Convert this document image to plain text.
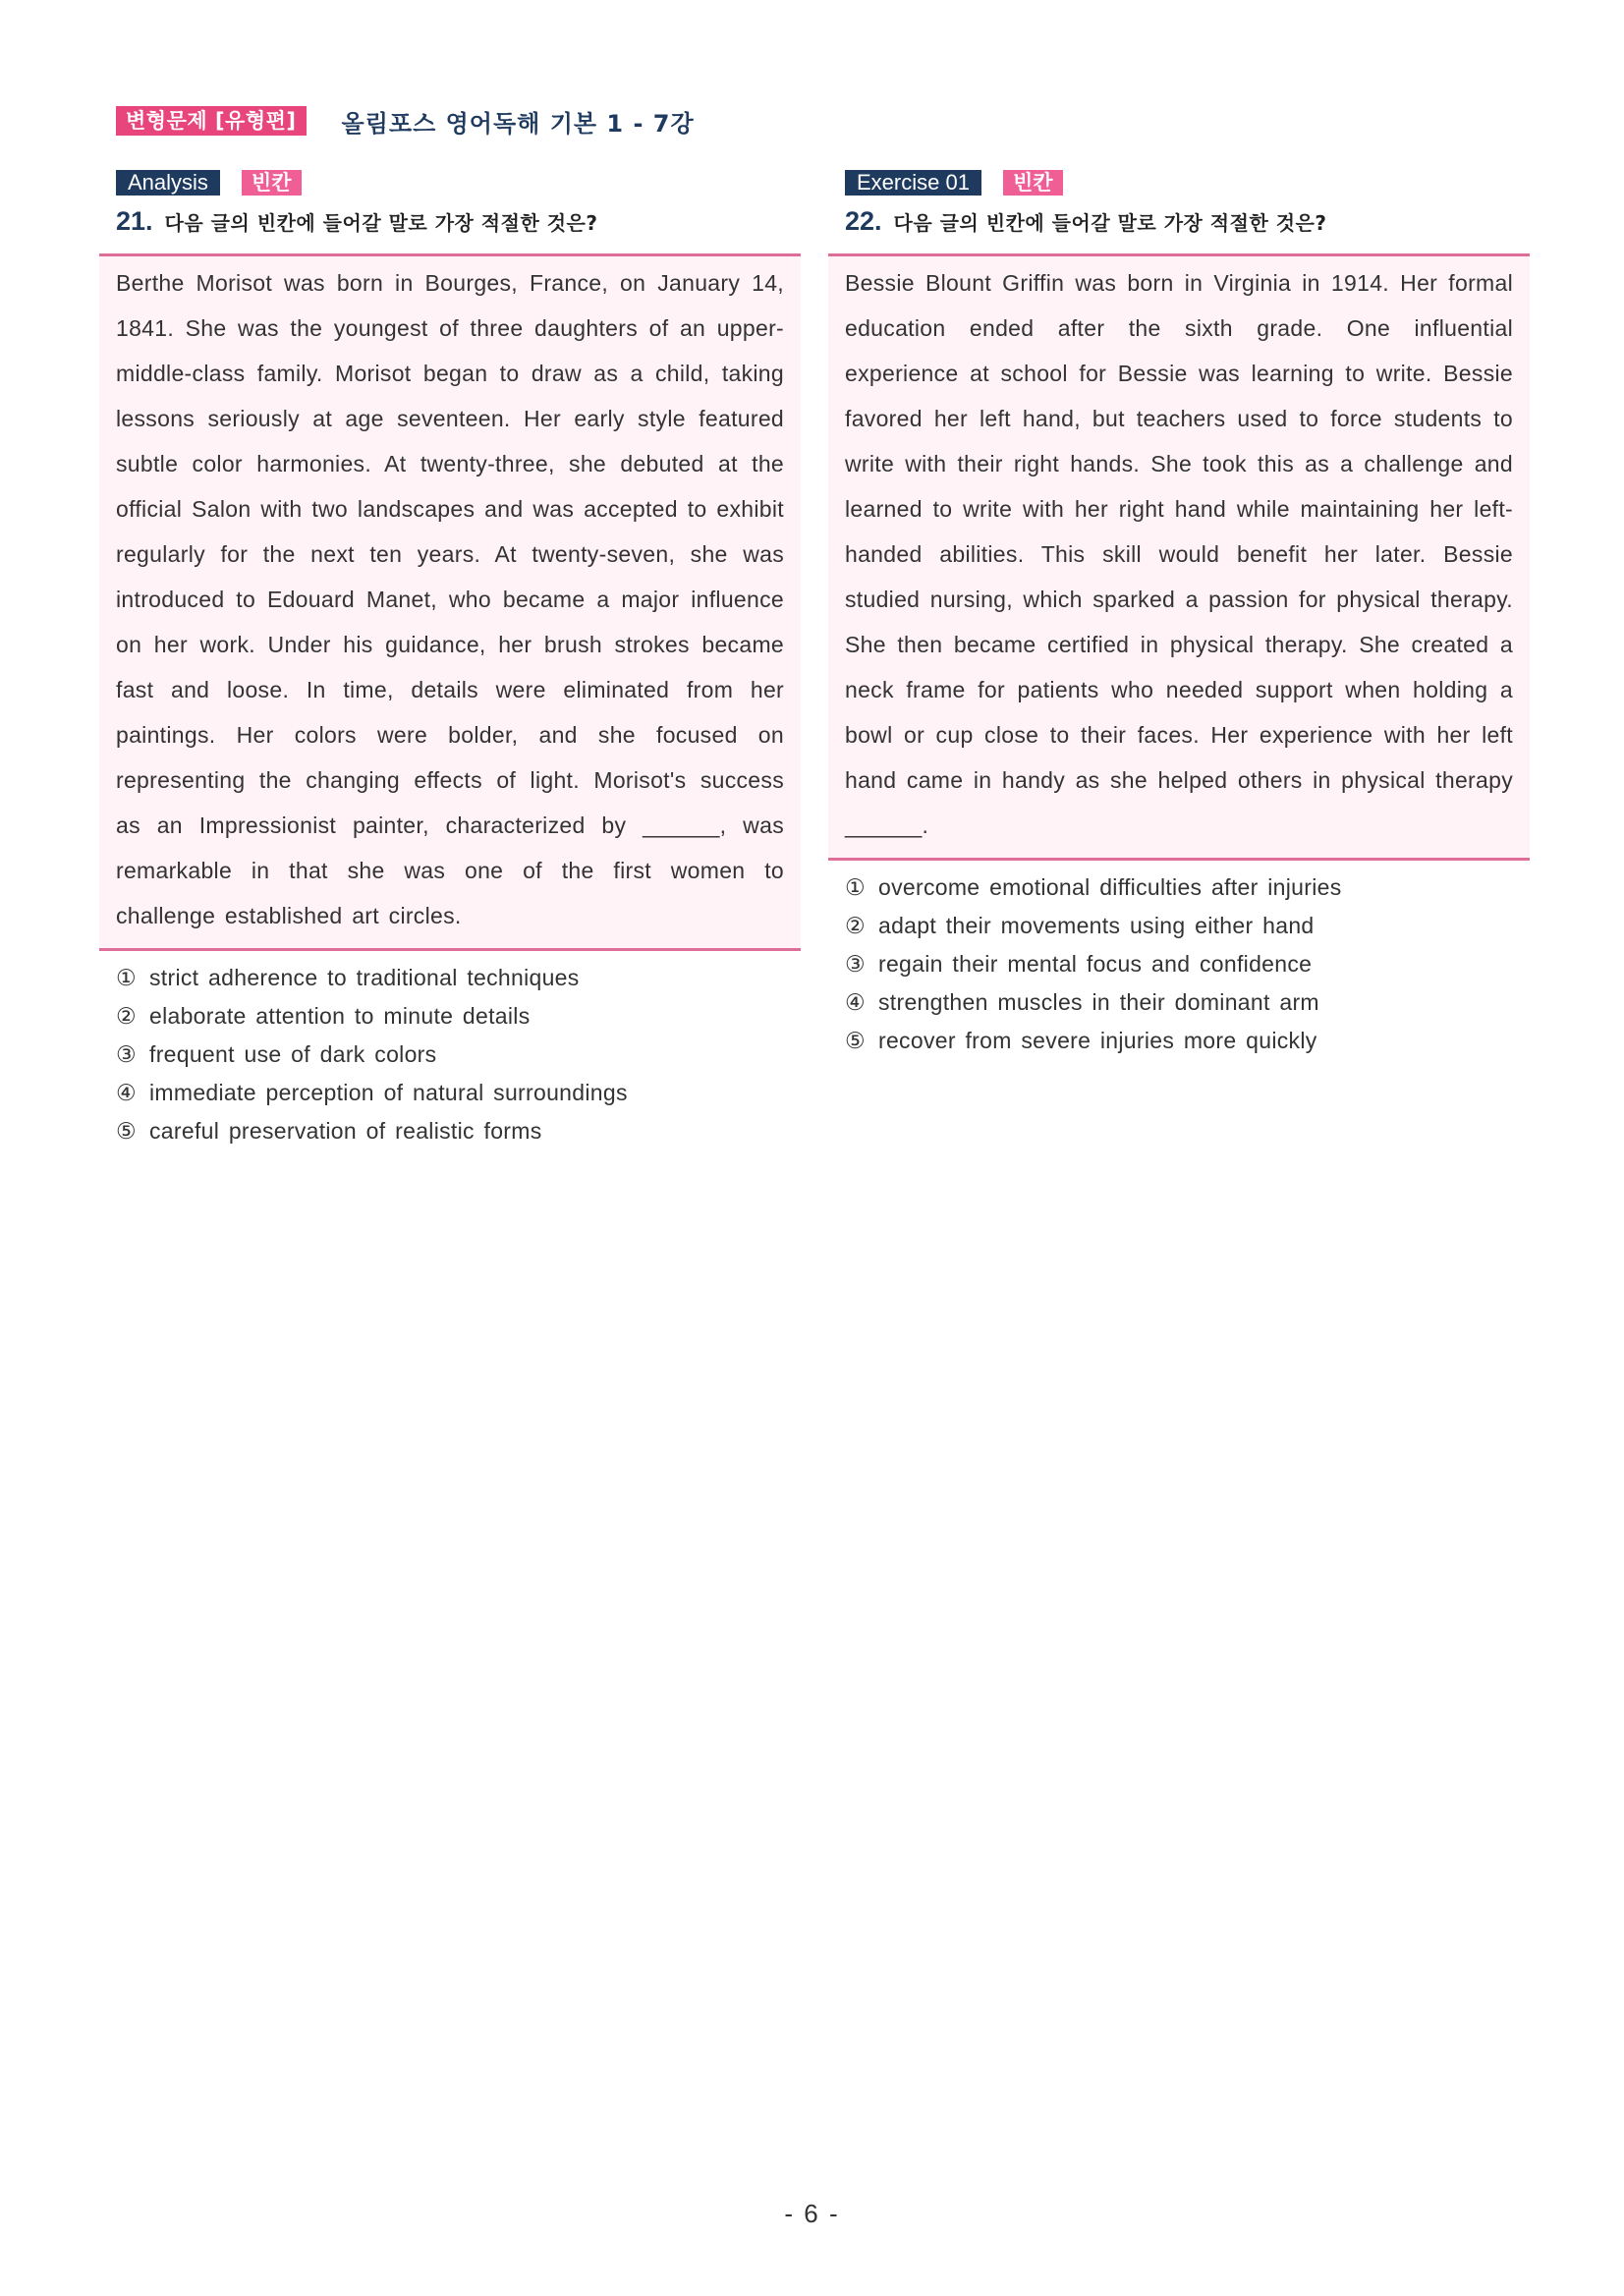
변형문제 [유형편]	올림포스 영어독해 기본 1 - 7강
Analysis	빈칸
21. 다음 글의 빈칸에 들어갈 말로 가장 적절한 것은?
Berthe Morisot was born in Bourges, France, on January 14, 1841. She was the youngest of three daughters of an upper-middle-class family. Morisot began to draw as a child, taking lessons seriously at age seventeen. Her early style featured subtle color harmonies. At twenty-three, she debuted at the official Salon with two landscapes and was accepted to exhibit regularly for the next ten years. At twenty-seven, she was introduced to Edouard Manet, who became a major influence on her work. Under his guidance, her brush strokes became fast and loose. In time, details were eliminated from her paintings. Her colors were bolder, and she focused on representing the changing effects of light. Morisot's success as an Impressionist painter, characterized by ______, was remarkable in that she was one of the first women to challenge established art circles.
① strict adherence to traditional techniques
② elaborate attention to minute details
③ frequent use of dark colors
④ immediate perception of natural surroundings
⑤ careful preservation of realistic forms
Exercise 01	빈칸
22. 다음 글의 빈칸에 들어갈 말로 가장 적절한 것은?
Bessie Blount Griffin was born in Virginia in 1914. Her formal education ended after the sixth grade. One influential experience at school for Bessie was learning to write. Bessie favored her left hand, but teachers used to force students to write with their right hands. She took this as a challenge and learned to write with her right hand while maintaining her left-handed abilities. This skill would benefit her later. Bessie studied nursing, which sparked a passion for physical therapy. She then became certified in physical therapy. She created a neck frame for patients who needed support when holding a bowl or cup close to their faces. Her experience with her left hand came in handy as she helped others in physical therapy ______.
① overcome emotional difficulties after injuries
② adapt their movements using either hand
③ regain their mental focus and confidence
④ strengthen muscles in their dominant arm
⑤ recover from severe injuries more quickly
- 6 -
